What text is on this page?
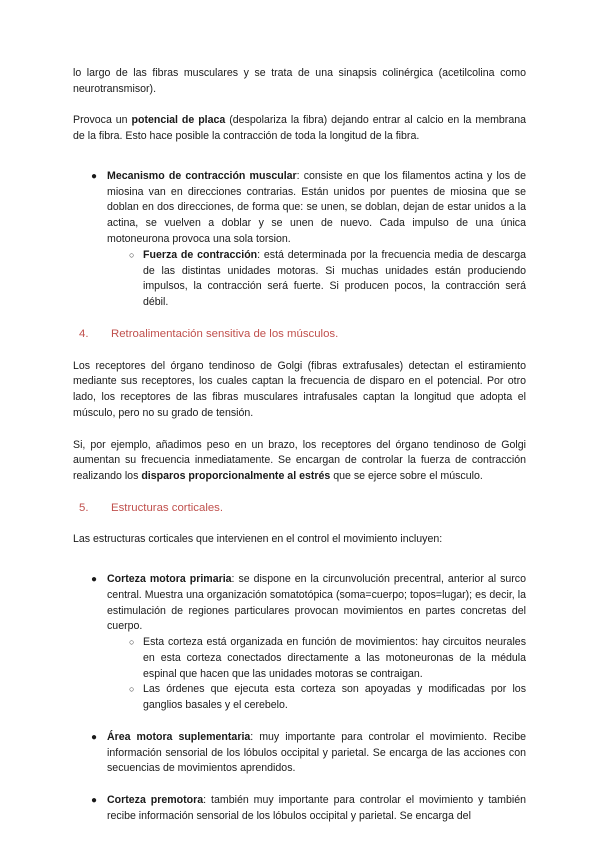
lo largo de las fibras musculares y se trata de una sinapsis colinérgica (acetilcolina como neurotransmisor).

Provoca un potencial de placa (despolariza la fibra) dejando entrar al calcio en la membrana de la fibra. Esto hace posible la contracción de toda la longitud de la fibra.

● Mecanismo de contracción muscular: consiste en que los filamentos actina y los de miosina van en direcciones contrarias. Están unidos por puentes de miosina que se doblan en dos direcciones, de forma que: se unen, se doblan, dejan de estar unidos a la actina, se vuelven a doblar y se unen de nuevo. Cada impulso de una única motoneurona provoca una sola torsion.

○ Fuerza de contracción: está determinada por la frecuencia media de descarga de las distintas unidades motoras. Si muchas unidades están produciendo impulsos, la contracción será fuerte. Si producen pocos, la contracción será débil.

4.	Retroalimentación sensitiva de los músculos.

Los receptores del órgano tendinoso de Golgi (fibras extrafusales) detectan el estiramiento mediante sus receptores, los cuales captan la frecuencia de disparo en el potencial. Por otro lado, los receptores de las fibras musculares intrafusales captan la longitud que adopta el músculo, pero no su grado de tensión.

Si, por ejemplo, añadimos peso en un brazo, los receptores del órgano tendinoso de Golgi aumentan su frecuencia inmediatamente. Se encargan de controlar la fuerza de contracción realizando los disparos proporcionalmente al estrés que se ejerce sobre el músculo.

5.	Estructuras corticales.

Las estructuras corticales que intervienen en el control el movimiento incluyen:

● Corteza motora primaria: se dispone en la circunvolución precentral, anterior al surco central. Muestra una organización somatotópica (soma=cuerpo; topos=lugar); es decir, la estimulación de regiones particulares provocan movimientos en partes concretas del cuerpo.

○ Esta corteza está organizada en función de movimientos: hay circuitos neurales en esta corteza conectados directamente a las motoneuronas de la médula espinal que hacen que las unidades motoras se contraigan.

○ Las órdenes que ejecuta esta corteza son apoyadas y modificadas por los ganglios basales y el cerebelo.

● Área motora suplementaria: muy importante para controlar el movimiento. Recibe información sensorial de los lóbulos occipital y parietal. Se encarga de las acciones con secuencias de movimientos aprendidos.

● Corteza premotora: también muy importante para controlar el movimiento y también recibe información sensorial de los lóbulos occipital y parietal. Se encarga del
